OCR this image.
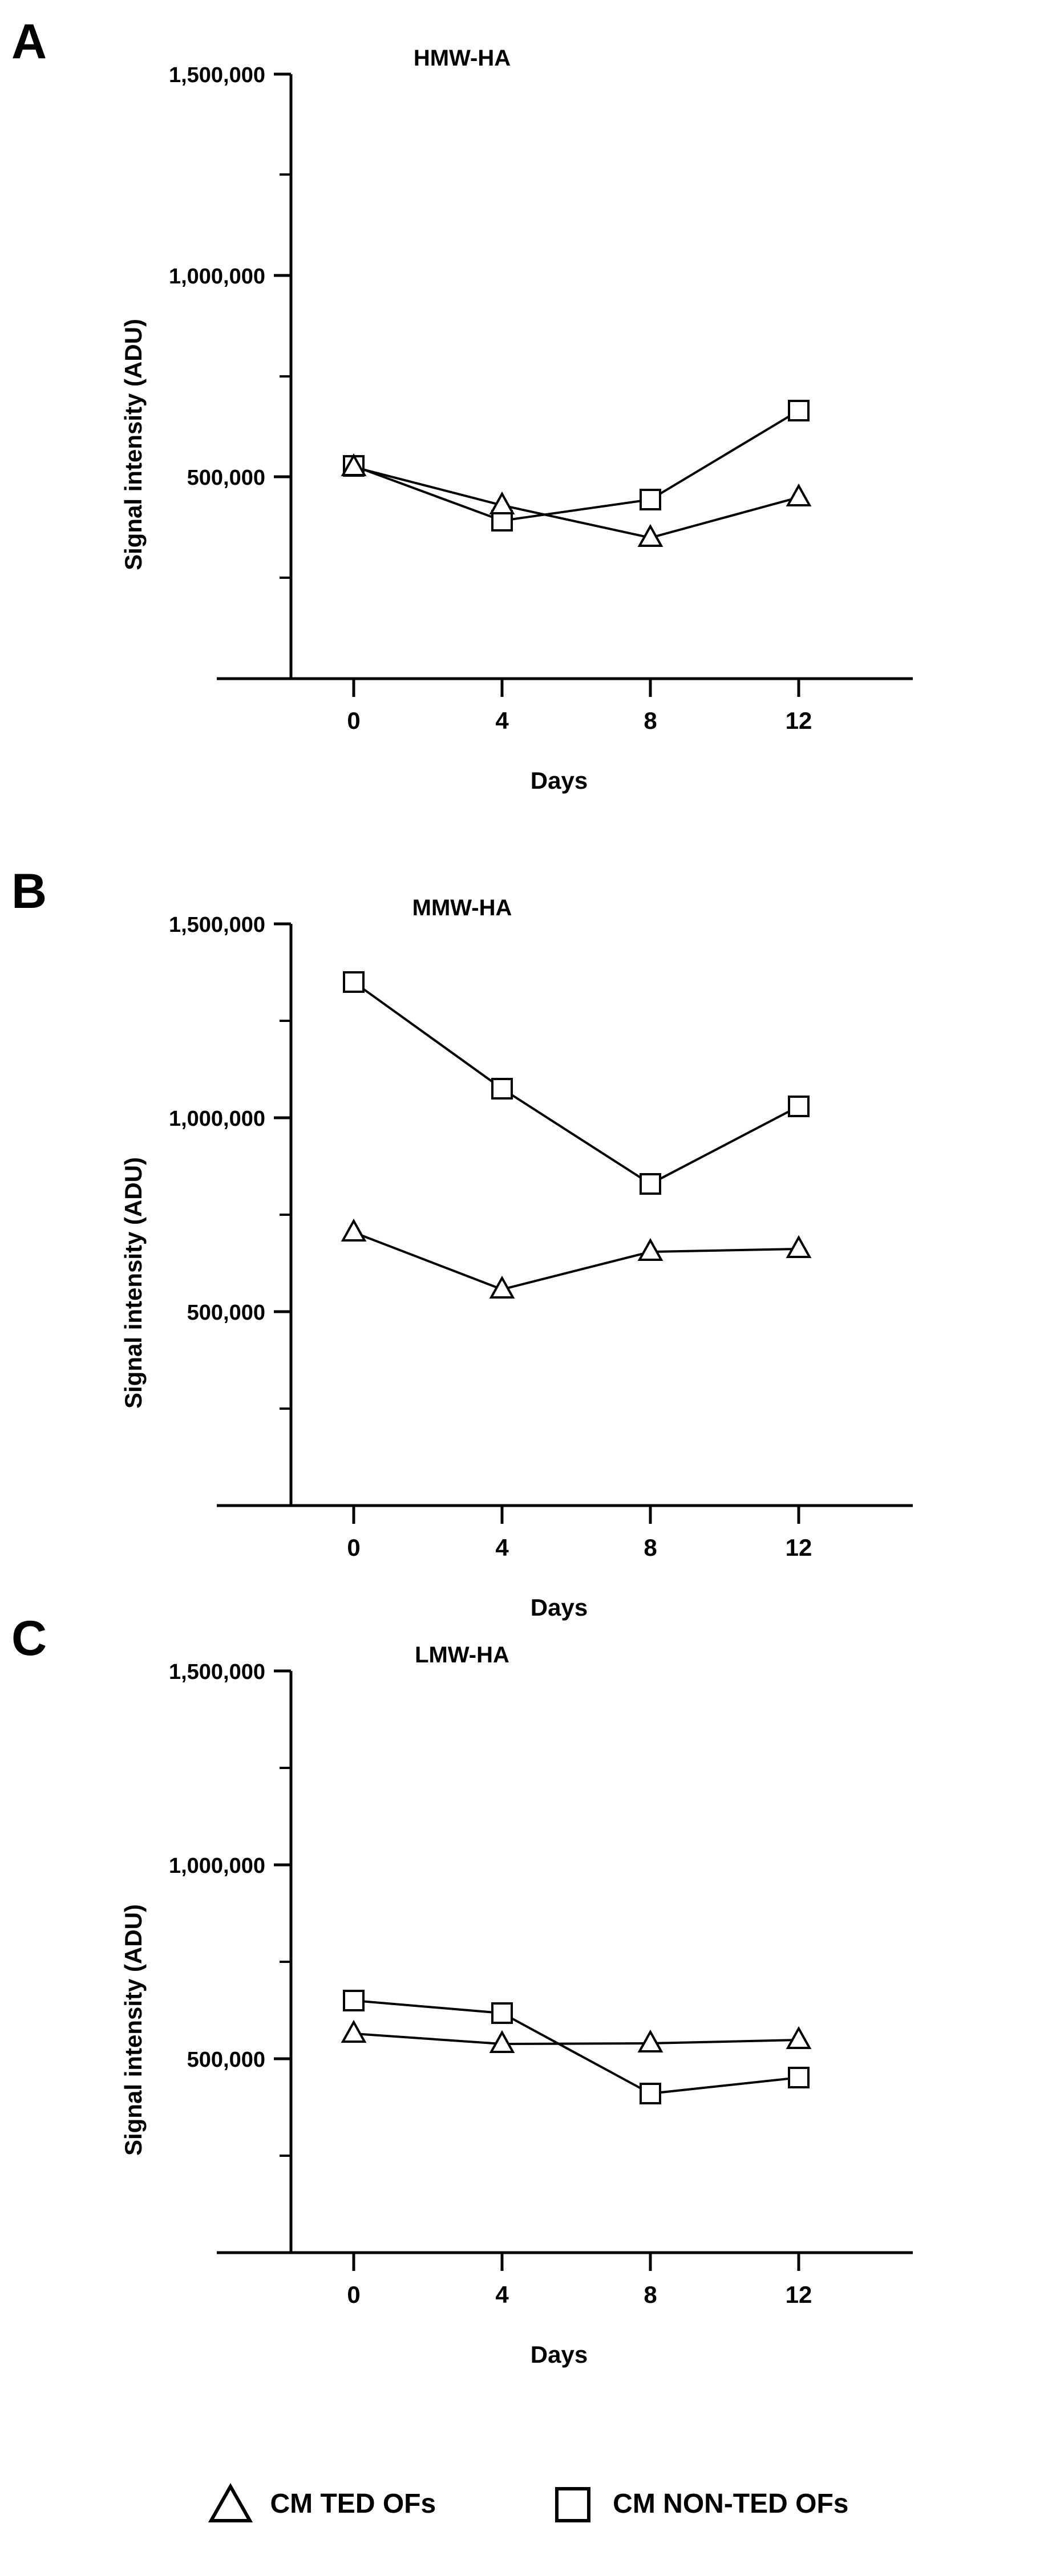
A	HMW-HA
1,500,000
1,000,000
500,000
0	4	8	12
Signal intensity (ADU)
Days
B	MMW-HA
1,500,000
1,000,000
500,000
0	4	8	12
Signal intensity (ADU)
Days
C	LMW-HA
1,500,000
1,000,000
500,000
0	4	8	12
Signal intensity (ADU)
Days
CM TED OFs	CM NON-TED OFs
